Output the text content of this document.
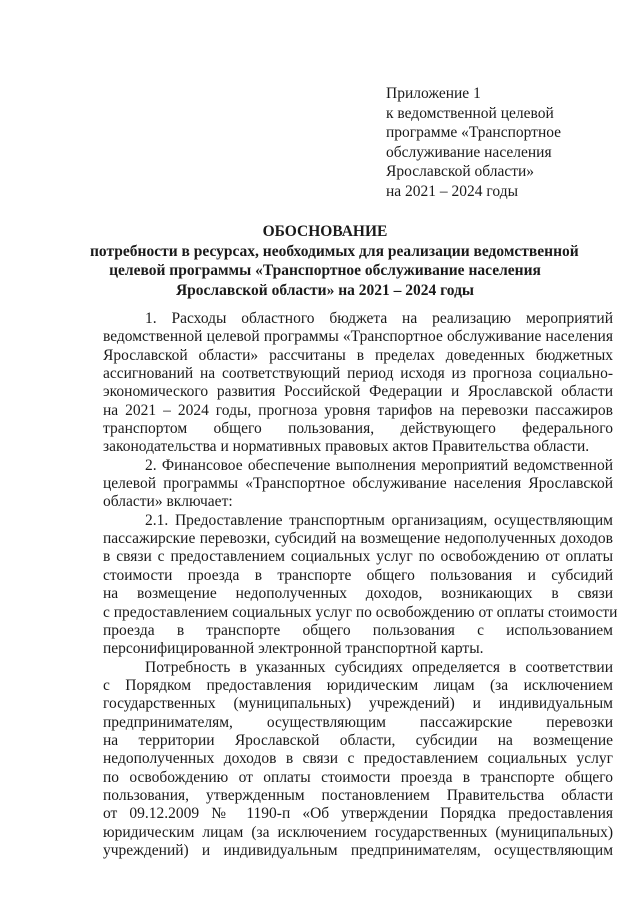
Приложение 1
к ведомственной целевой
программе «Транспортное
обслуживание населения
Ярославской области»
на 2021 – 2024 годы
ОБОСНОВАНИЕ
потребности в ресурсах, необходимых для реализации ведомственной
целевой программы «Транспортное обслуживание населения
Ярославской области» на 2021 – 2024 годы
1. Расходы областного бюджета на реализацию мероприятий
ведомственной целевой программы «Транспортное обслуживание населения
Ярославской области» рассчитаны в пределах доведенных бюджетных
ассигнований на соответствующий период исходя из прогноза социально-
экономического развития Российской Федерации и Ярославской области
на 2021 – 2024 годы, прогноза уровня тарифов на перевозки пассажиров
транспортом общего пользования, действующего федерального
законодательства и нормативных правовых актов Правительства области.
2. Финансовое обеспечение выполнения мероприятий ведомственной
целевой программы «Транспортное обслуживание населения Ярославской
области» включает:
2.1. Предоставление транспортным организациям, осуществляющим
пассажирские перевозки, субсидий на возмещение недополученных доходов
в связи с предоставлением социальных услуг по освобождению от оплаты
стоимости проезда в транспорте общего пользования и субсидий
на возмещение недополученных доходов, возникающих в связи
с предоставлением социальных услуг по освобождению от оплаты стоимости
проезда в транспорте общего пользования с использованием
персонифицированной электронной транспортной карты.
Потребность в указанных субсидиях определяется в соответствии
с Порядком предоставления юридическим лицам (за исключением
государственных (муниципальных) учреждений) и индивидуальным
предпринимателям, осуществляющим пассажирские перевозки
на территории Ярославской области, субсидии на возмещение
недополученных доходов в связи с предоставлением социальных услуг
по освобождению от оплаты стоимости проезда в транспорте общего
пользования, утвержденным постановлением Правительства области
от 09.12.2009 № 1190-п «Об утверждении Порядка предоставления
юридическим лицам (за исключением государственных (муниципальных)
учреждений) и индивидуальным предпринимателям, осуществляющим
